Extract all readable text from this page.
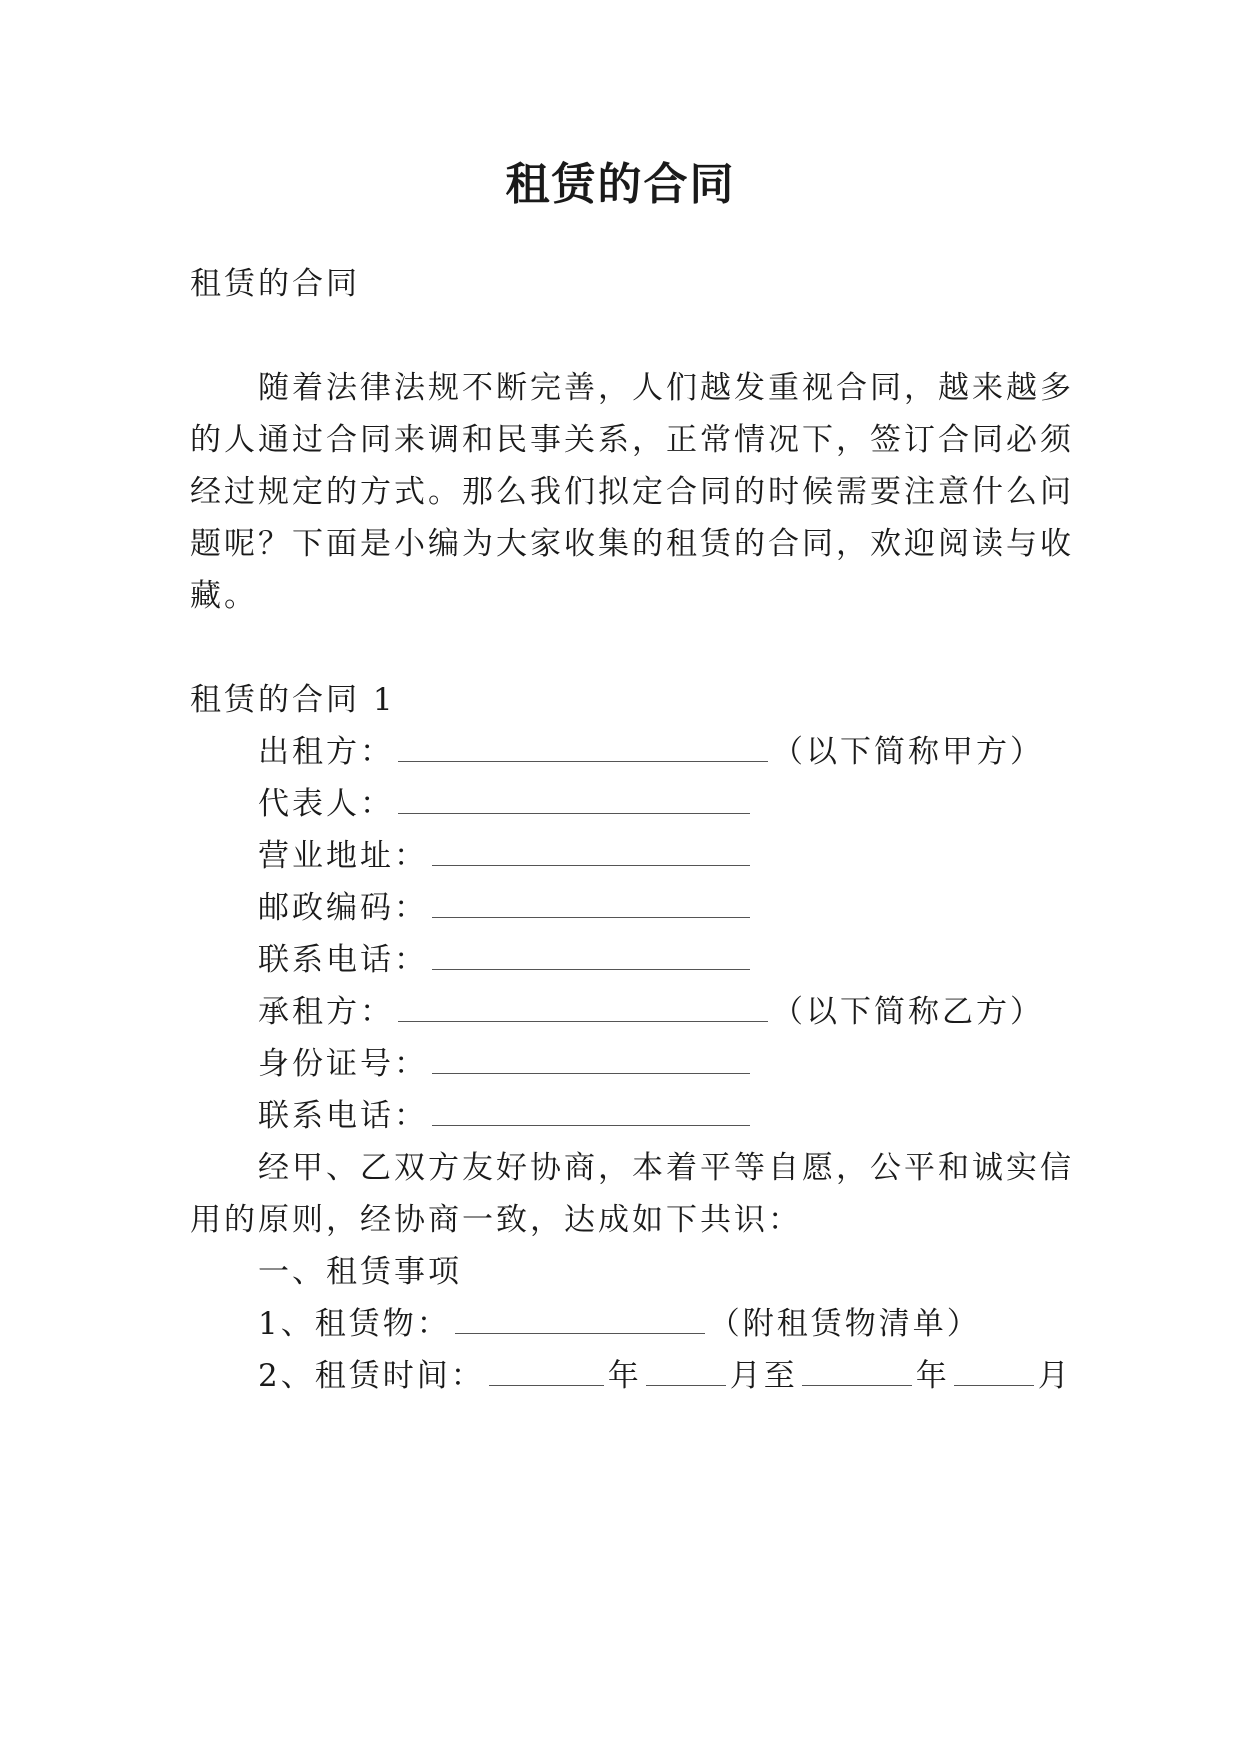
租赁的合同
租赁的合同
随着法律法规不断完善，人们越发重视合同，越来越多
的人通过合同来调和民事关系，正常情况下，签订合同必须
经过规定的方式。那么我们拟定合同的时候需要注意什么问
题呢？下面是小编为大家收集的租赁的合同，欢迎阅读与收
藏。
租赁的合同 1
出租方：	（以下简称甲方）
代表人：
营业地址：
邮政编码：
联系电话：
承租方：	（以下简称乙方）
身份证号：
联系电话：
经甲、乙双方友好协商，本着平等自愿，公平和诚实信
用的原则，经协商一致，达成如下共识：
一、租赁事项
1、租赁物：	（附租赁物清单）
2、租赁时间：	年	月至	年	月
